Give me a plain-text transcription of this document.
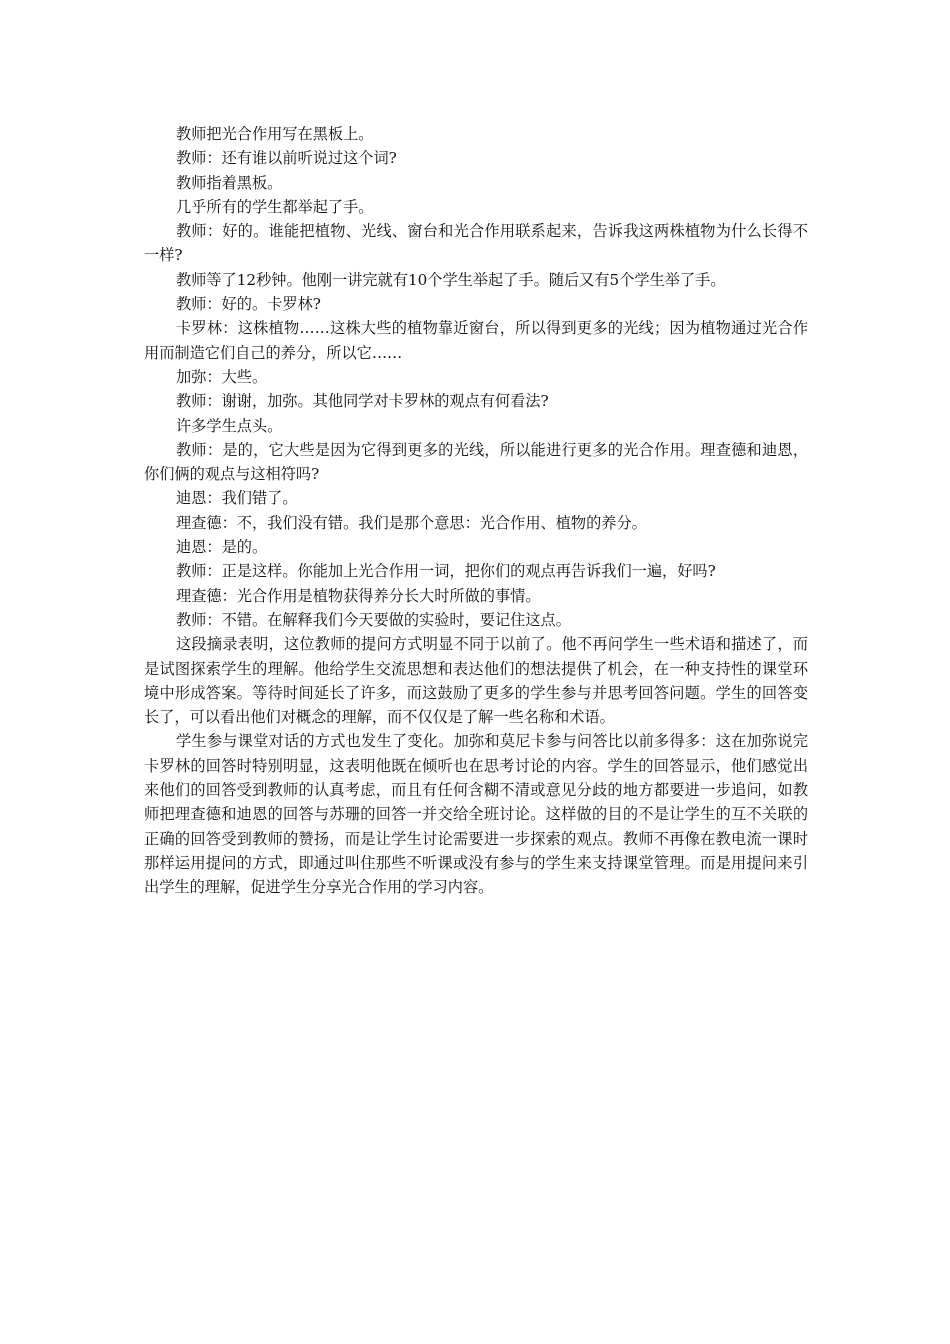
教师把光合作用写在黑板上。

教师：还有谁以前听说过这个词?

教师指着黑板。

几乎所有的学生都举起了手。

教师：好的。谁能把植物、光线、窗台和光合作用联系起来，告诉我这两株植物为什么长得不一样?

教师等了12秒钟。他刚一讲完就有10个学生举起了手。随后又有5个学生举了手。

教师：好的。卡罗林?

卡罗林：这株植物……这株大些的植物靠近窗台，所以得到更多的光线；因为植物通过光合作用而制造它们自己的养分，所以它……

加弥：大些。

教师：谢谢，加弥。其他同学对卡罗林的观点有何看法?

许多学生点头。

教师：是的，它大些是因为它得到更多的光线，所以能进行更多的光合作用。理查德和迪恩，你们俩的观点与这相符吗?

迪恩：我们错了。

理查德：不，我们没有错。我们是那个意思：光合作用、植物的养分。

迪恩：是的。

教师：正是这样。你能加上光合作用一词，把你们的观点再告诉我们一遍，好吗?

理查德：光合作用是植物获得养分长大时所做的事情。

教师：不错。在解释我们今天要做的实验时，要记住这点。

这段摘录表明，这位教师的提问方式明显不同于以前了。他不再问学生一些术语和描述了，而是试图探索学生的理解。他给学生交流思想和表达他们的想法提供了机会，在一种支持性的课堂环境中形成答案。等待时间延长了许多，而这鼓励了更多的学生参与并思考回答问题。学生的回答变长了，可以看出他们对概念的理解，而不仅仅是了解一些名称和术语。

学生参与课堂对话的方式也发生了变化。加弥和莫尼卡参与问答比以前多得多：这在加弥说完卡罗林的回答时特别明显，这表明他既在倾听也在思考讨论的内容。学生的回答显示，他们感觉出来他们的回答受到教师的认真考虑，而且有任何含糊不清或意见分歧的地方都要进一步追问，如教师把理查德和迪恩的回答与苏珊的回答一并交给全班讨论。这样做的目的不是让学生的互不关联的正确的回答受到教师的赞扬，而是让学生讨论需要进一步探索的观点。教师不再像在教电流一课时那样运用提问的方式，即通过叫住那些不听课或没有参与的学生来支持课堂管理。而是用提问来引出学生的理解，促进学生分享光合作用的学习内容。
